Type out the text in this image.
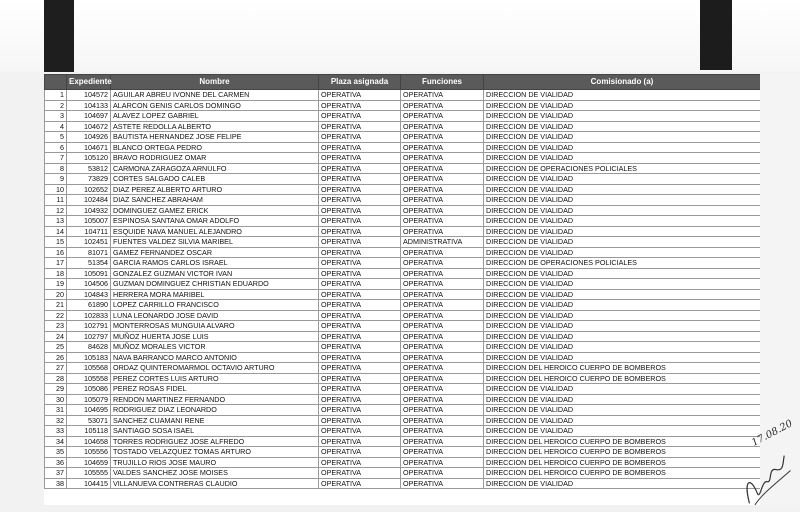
	Expediente	Nombre	Plaza asignada	Funciones	Comisionado (a)
1	104572	AGUILAR ABREU IVONNE DEL CARMEN	OPERATIVA	OPERATIVA	DIRECCION DE VIALIDAD
2	104133	ALARCON GENIS CARLOS DOMINGO	OPERATIVA	OPERATIVA	DIRECCION DE VIALIDAD
3	104697	ALAVEZ LOPEZ GABRIEL	OPERATIVA	OPERATIVA	DIRECCION DE VIALIDAD
4	104672	ASTETE REDOLLA ALBERTO	OPERATIVA	OPERATIVA	DIRECCION DE VIALIDAD
5	104926	BAUTISTA HERNANDEZ JOSE FELIPE	OPERATIVA	OPERATIVA	DIRECCION DE VIALIDAD
6	104671	BLANCO ORTEGA PEDRO	OPERATIVA	OPERATIVA	DIRECCION DE VIALIDAD
7	105120	BRAVO RODRIGUEZ OMAR	OPERATIVA	OPERATIVA	DIRECCION DE VIALIDAD
8	53812	CARMONA ZARAGOZA ARNULFO	OPERATIVA	OPERATIVA	DIRECCION DE OPERACIONES POLICIALES
9	73829	CORTES SALGADO CALEB	OPERATIVA	OPERATIVA	DIRECCION DE VIALIDAD
10	102652	DIAZ PEREZ ALBERTO ARTURO	OPERATIVA	OPERATIVA	DIRECCION DE VIALIDAD
11	102484	DIAZ SANCHEZ ABRAHAM	OPERATIVA	OPERATIVA	DIRECCION DE VIALIDAD
12	104932	DOMINGUEZ GAMEZ ERICK	OPERATIVA	OPERATIVA	DIRECCION DE VIALIDAD
13	105007	ESPINOSA SANTANA OMAR ADOLFO	OPERATIVA	OPERATIVA	DIRECCION DE VIALIDAD
14	104711	ESQUIDE NAVA MANUEL ALEJANDRO	OPERATIVA	OPERATIVA	DIRECCION DE VIALIDAD
15	102451	FUENTES VALDEZ SILVIA MARIBEL	OPERATIVA	ADMINISTRATIVA	DIRECCION DE VIALIDAD
16	81071	GAMEZ FERNANDEZ OSCAR	OPERATIVA	OPERATIVA	DIRECCION DE VIALIDAD
17	51354	GARCIA RAMOS CARLOS ISRAEL	OPERATIVA	OPERATIVA	DIRECCION DE OPERACIONES POLICIALES
18	105091	GONZALEZ GUZMAN VICTOR IVAN	OPERATIVA	OPERATIVA	DIRECCION DE VIALIDAD
19	104506	GUZMAN DOMINGUEZ CHRISTIAN EDUARDO	OPERATIVA	OPERATIVA	DIRECCION DE VIALIDAD
20	104843	HERRERA MORA MARIBEL	OPERATIVA	OPERATIVA	DIRECCION DE VIALIDAD
21	61890	LOPEZ CARRILLO FRANCISCO	OPERATIVA	OPERATIVA	DIRECCION DE VIALIDAD
22	102833	LUNA LEONARDO JOSE DAVID	OPERATIVA	OPERATIVA	DIRECCION DE VIALIDAD
23	102791	MONTERROSAS MUNGUIA ALVARO	OPERATIVA	OPERATIVA	DIRECCION DE VIALIDAD
24	102797	MUÑOZ HUERTA JOSE LUIS	OPERATIVA	OPERATIVA	DIRECCION DE VIALIDAD
25	84628	MUÑOZ MORALES VICTOR	OPERATIVA	OPERATIVA	DIRECCION DE VIALIDAD
26	105183	NAVA BARRANCO MARCO ANTONIO	OPERATIVA	OPERATIVA	DIRECCION DE VIALIDAD
27	105568	ORDAZ QUINTEROMARMOL OCTAVIO ARTURO	OPERATIVA	OPERATIVA	DIRECCION DEL HEROICO CUERPO DE BOMBEROS
28	105558	PEREZ CORTES LUIS ARTURO	OPERATIVA	OPERATIVA	DIRECCION DEL HEROICO CUERPO DE BOMBEROS
29	105086	PEREZ ROSAS FIDEL	OPERATIVA	OPERATIVA	DIRECCION DE VIALIDAD
30	105079	RENDON MARTINEZ FERNANDO	OPERATIVA	OPERATIVA	DIRECCION DE VIALIDAD
31	104695	RODRIGUEZ DIAZ LEONARDO	OPERATIVA	OPERATIVA	DIRECCION DE VIALIDAD
32	53071	SANCHEZ CUAMANI RENE	OPERATIVA	OPERATIVA	DIRECCION DE VIALIDAD
33	105118	SANTIAGO SOSA ISAEL	OPERATIVA	OPERATIVA	DIRECCION DE VIALIDAD
34	104658	TORRES RODRIGUEZ JOSE ALFREDO	OPERATIVA	OPERATIVA	DIRECCION DEL HEROICO CUERPO DE BOMBEROS
35	105556	TOSTADO VELAZQUEZ TOMAS ARTURO	OPERATIVA	OPERATIVA	DIRECCION DEL HEROICO CUERPO DE BOMBEROS
36	104659	TRUJILLO RIOS JOSE MAURO	OPERATIVA	OPERATIVA	DIRECCION DEL HEROICO CUERPO DE BOMBEROS
37	105555	VALDES SANCHEZ JOSE MOISES	OPERATIVA	OPERATIVA	DIRECCION DEL HEROICO CUERPO DE BOMBEROS
38	104415	VILLANUEVA CONTRERAS CLAUDIO	OPERATIVA	OPERATIVA	DIRECCION DE VIALIDAD
17.08.20
